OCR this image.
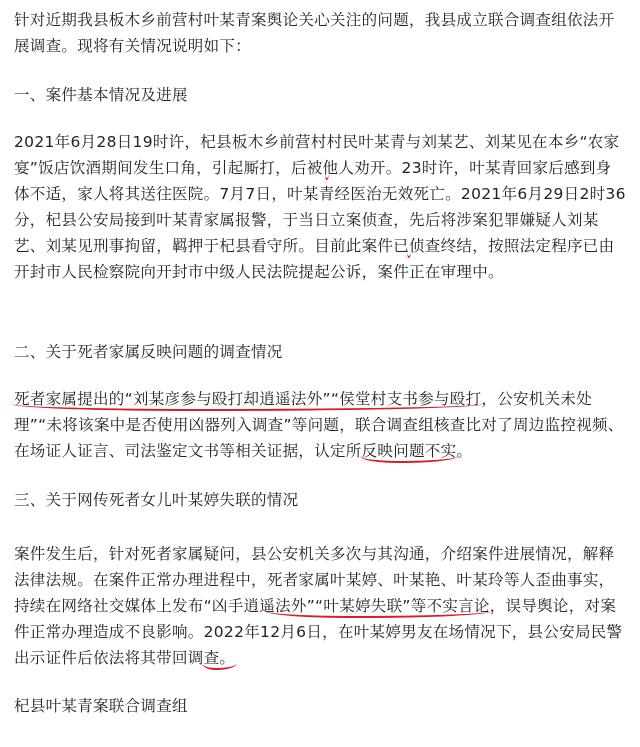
针对近期我县板木乡前营村叶某青案舆论关心关注的问题，我县成立联合调查组依法开展调查。现将有关情况说明如下：
一、案件基本情况及进展
2021年6月28日19时许，杞县板木乡前营村村民叶某青与刘某艺、刘某见在本乡“农家宴”饭店饮酒期间发生口角，引起厮打，后被他人劝开。23时许，叶某青回家后感到身体不适，家人将其送往医院。7月7日，叶某青经医治无效死亡。2021年6月29日2时36分，杞县公安局接到叶某青家属报警，于当日立案侦查，先后将涉案犯罪嫌疑人刘某艺、刘某见刑事拘留，羁押于杞县看守所。目前此案件已侦查终结，按照法定程序已由开封市人民检察院向开封市中级人民法院提起公诉，案件正在审理中。
二、关于死者家属反映问题的调查情况
死者家属提出的“刘某彦参与殴打却逍遥法外”“侯堂村支书参与殴打，公安机关未处理”“未将该案中是否使用凶器列入调查”等问题，联合调查组核查比对了周边监控视频、在场证人证言、司法鉴定文书等相关证据，认定所反映问题不实。
三、关于网传死者女儿叶某婷失联的情况
案件发生后，针对死者家属疑问，县公安机关多次与其沟通，介绍案件进展情况，解释法律法规。在案件正常办理进程中，死者家属叶某婷、叶某艳、叶某玲等人歪曲事实，持续在网络社交媒体上发布“凶手逍遥法外”“叶某婷失联”等不实言论，误导舆论，对案件正常办理造成不良影响。2022年12月6日，在叶某婷男友在场情况下，县公安局民警出示证件后依法将其带回调查。
杞县叶某青案联合调查组
